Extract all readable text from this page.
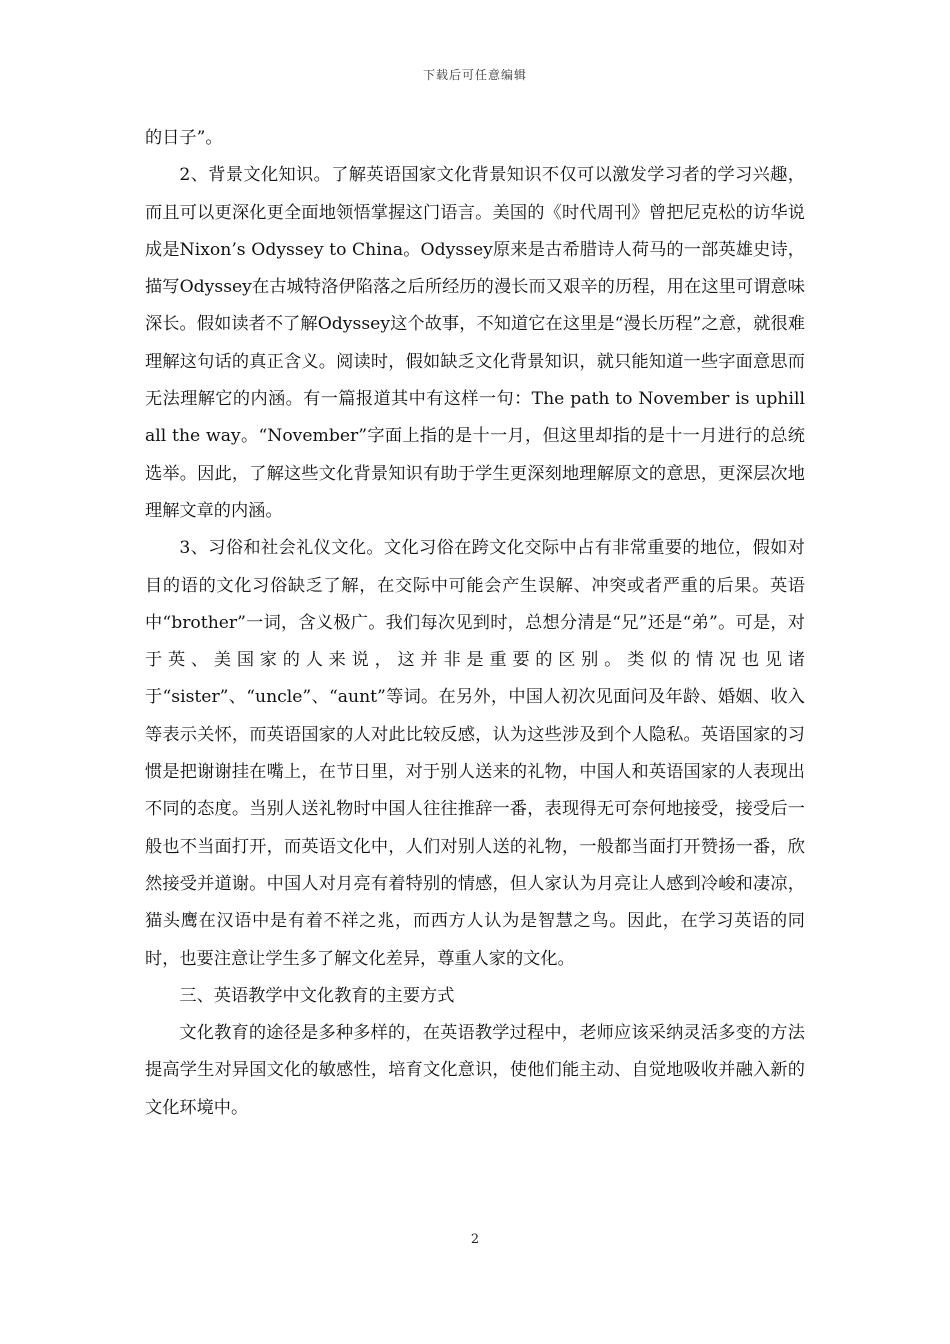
下载后可任意编辑

的日子”。

2、背景文化知识。了解英语国家文化背景知识不仅可以激发学习者的学习兴趣，而且可以更深化更全面地领悟掌握这门语言。美国的《时代周刊》曾把尼克松的访华说成是Nixon’s Odyssey to China。Odyssey原来是古希腊诗人荷马的一部英雄史诗，描写Odyssey在古城特洛伊陷落之后所经历的漫长而又艰辛的历程，用在这里可谓意味深长。假如读者不了解Odyssey这个故事，不知道它在这里是“漫长历程”之意，就很难理解这句话的真正含义。阅读时，假如缺乏文化背景知识，就只能知道一些字面意思而无法理解它的内涵。有一篇报道其中有这样一句：The path to November is uphill all the way。“November”字面上指的是十一月，但这里却指的是十一月进行的总统选举。因此，了解这些文化背景知识有助于学生更深刻地理解原文的意思，更深层次地理解文章的内涵。

3、习俗和社会礼仪文化。文化习俗在跨文化交际中占有非常重要的地位，假如对目的语的文化习俗缺乏了解，在交际中可能会产生误解、冲突或者严重的后果。英语中“brother”一词，含义极广。我们每次见到时，总想分清是“兄”还是“弟”。可是，对于英、美国家的人来说，这并非是重要的区别。类似的情况也见诸于“sister”、“uncle”、“aunt”等词。在另外，中国人初次见面问及年龄、婚姻、收入等表示关怀，而英语国家的人对此比较反感，认为这些涉及到个人隐私。英语国家的习惯是把谢谢挂在嘴上，在节日里，对于别人送来的礼物，中国人和英语国家的人表现出不同的态度。当别人送礼物时中国人往往推辞一番，表现得无可奈何地接受，接受后一般也不当面打开，而英语文化中，人们对别人送的礼物，一般都当面打开赞扬一番，欣然接受并道谢。中国人对月亮有着特别的情感，但人家认为月亮让人感到冷峻和凄凉，猫头鹰在汉语中是有着不祥之兆，而西方人认为是智慧之鸟。因此，在学习英语的同时，也要注意让学生多了解文化差异，尊重人家的文化。

三、英语教学中文化教育的主要方式

文化教育的途径是多种多样的，在英语教学过程中，老师应该采纳灵活多变的方法提高学生对异国文化的敏感性，培育文化意识，使他们能主动、自觉地吸收并融入新的文化环境中。

2
